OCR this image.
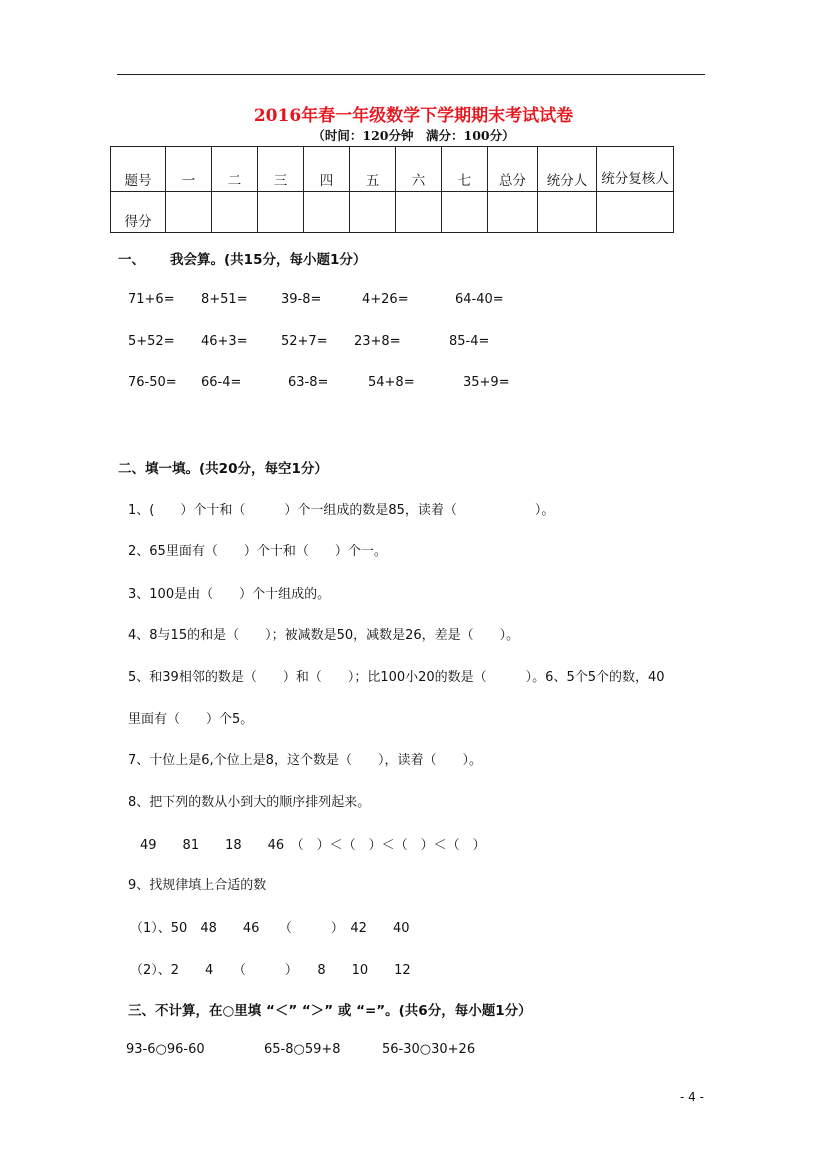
2016年春一年级数学下学期期末考试试卷
（时间：120分钟　满分：100分）
题号	一	二	三	四	五	六	七	总分	统分人	统分复核人
得分										
一、 我会算。(共15分，每小题1分）
71+6= 8+51=	39-8=	4+26=	64-40=
5+52= 46+3=	52+7= 23+8=	85-4=
76-50= 66-4=	63-8=	54+8=	35+9=
二、填一填。(共20分，每空1分）
1、(　　）个十和（　　　）个一组成的数是85，读着（　　　　　　）。
2、65里面有（　　）个十和（　　）个一。
3、100是由（　　）个十组成的。
4、8与15的和是（　　）；被减数是50，减数是26，差是（　　）。
5、和39相邻的数是（　　）和（　　）；比100小20的数是（　　　）。6、5个5个的数，40
里面有（　　）个5。
7、十位上是6,个位上是8，这个数是（　　），读着（　　）。
8、把下列的数从小到大的顺序排列起来。
49　　81　　18　　46　（　）＜（　）＜（　）＜（　）
9、找规律填上合适的数
（1）、50　48　　46　　（　　　）　42　　40
（2）、2　　4　　（　　　）　　8　　10　　12
三、不计算，在○里填 “＜” “＞” 或 “=”。(共6分，每小题1分）
93-6○96-60	65-8○59+8	56-30○30+26
- 4 -
